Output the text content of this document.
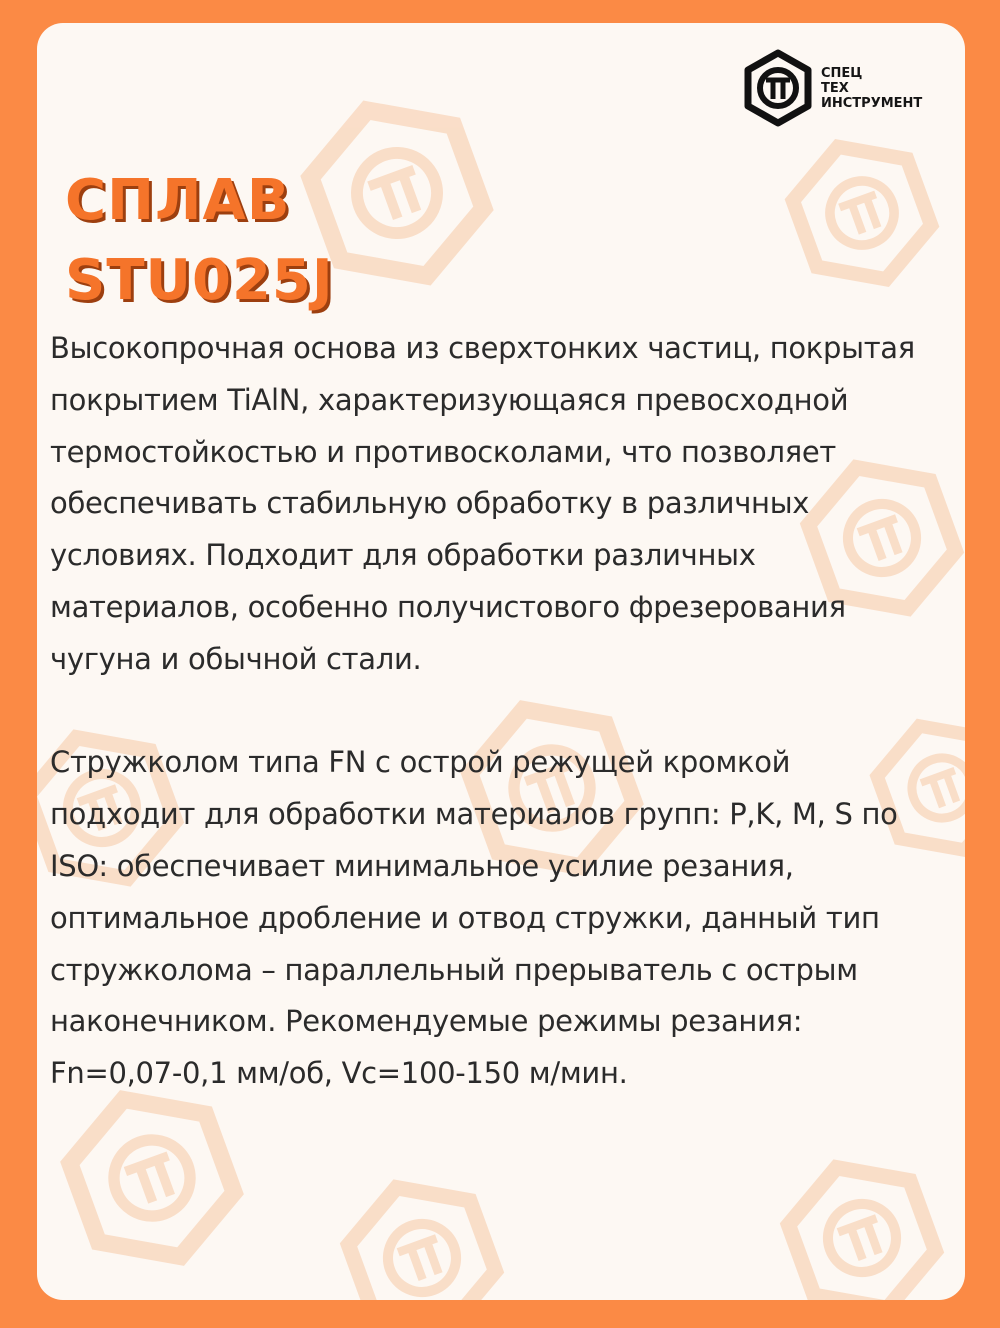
СПЕЦ
ТЕХ
ИНСТРУМЕНТ
СПЛАВ
STU025J

Высокопрочная основа из сверхтонких частиц, покрытая
покрытием TiAlN, характеризующаяся превосходной
термостойкостью и противосколами, что позволяет
обеспечивать стабильную обработку в различных
условиях. Подходит для обработки различных
материалов, особенно получистового фрезерования
чугуна и обычной стали.

Стружколом типа FN с острой режущей кромкой
подходит для обработки материалов групп: P,K, M, S по
ISO: обеспечивает минимальное усилие резания,
оптимальное дробление и отвод стружки, данный тип
стружколома – параллельный прерыватель с острым
наконечником. Рекомендуемые режимы резания:
Fn=0,07-0,1 мм/об, Vc=100-150 м/мин.
